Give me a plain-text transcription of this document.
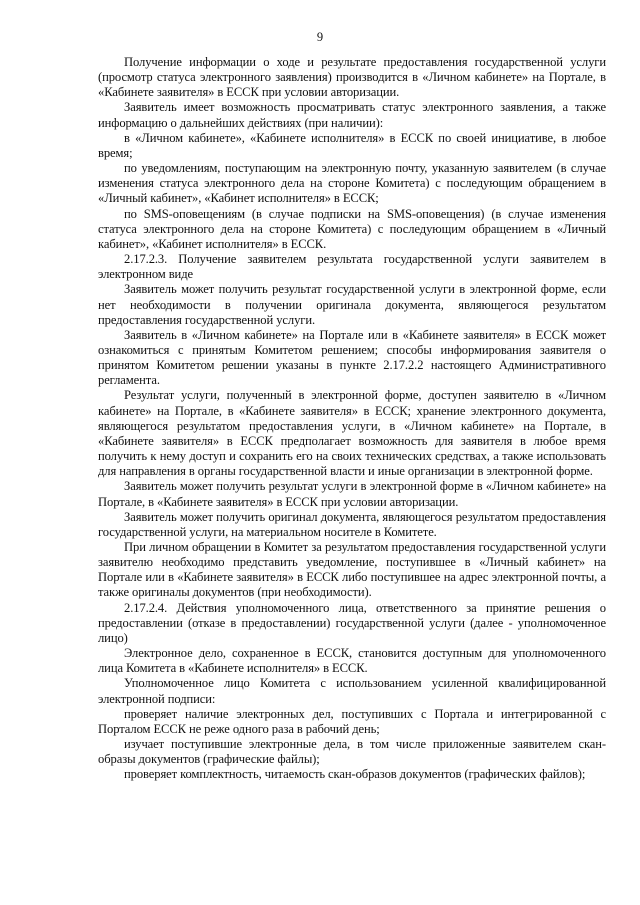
9

Получение информации о ходе и результате предоставления государственной услуги (просмотр статуса электронного заявления) производится в «Личном кабинете» на Портале, в «Кабинете заявителя» в ЕССК при условии авторизации.

Заявитель имеет возможность просматривать статус электронного заявления, а также информацию о дальнейших действиях (при наличии):

в «Личном кабинете», «Кабинете исполнителя» в ЕССК по своей инициативе, в любое время;

по уведомлениям, поступающим на электронную почту, указанную заявителем (в случае изменения статуса электронного дела на стороне Комитета) с последующим обращением в «Личный кабинет», «Кабинет исполнителя» в ЕССК;

по SMS-оповещениям (в случае подписки на SMS-оповещения) (в случае изменения статуса электронного дела на стороне Комитета) с последующим обращением в «Личный кабинет», «Кабинет исполнителя» в ЕССК.

2.17.2.3. Получение заявителем результата государственной услуги заявителем в электронном виде

Заявитель может получить результат государственной услуги в электронной форме, если нет необходимости в получении оригинала документа, являющегося результатом предоставления государственной услуги.

Заявитель в «Личном кабинете» на Портале или в «Кабинете заявителя» в ЕССК может ознакомиться с принятым Комитетом решением; способы информирования заявителя о принятом Комитетом решении указаны в пункте 2.17.2.2 настоящего Административного регламента.

Результат услуги, полученный в электронной форме, доступен заявителю в «Личном кабинете» на Портале, в «Кабинете заявителя» в ЕССК; хранение электронного документа, являющегося результатом предоставления услуги, в «Личном кабинете» на Портале, в «Кабинете заявителя» в ЕССК предполагает возможность для заявителя в любое время получить к нему доступ и сохранить его на своих технических средствах, а также использовать для направления в органы государственной власти и иные организации в электронной форме.

Заявитель может получить результат услуги в электронной форме в «Личном кабинете» на Портале, в «Кабинете заявителя» в ЕССК при условии авторизации.

Заявитель может получить оригинал документа, являющегося результатом предоставления государственной услуги, на материальном носителе в Комитете.

При личном обращении в Комитет за результатом предоставления государственной услуги заявителю необходимо представить уведомление, поступившее в «Личный кабинет» на Портале или в «Кабинете заявителя» в ЕССК либо поступившее на адрес электронной почты, а также оригиналы документов (при необходимости).

2.17.2.4. Действия уполномоченного лица, ответственного за принятие решения о предоставлении (отказе в предоставлении) государственной услуги (далее - уполномоченное лицо)

Электронное дело, сохраненное в ЕССК, становится доступным для уполномоченного лица Комитета в «Кабинете исполнителя» в ЕССК.

Уполномоченное лицо Комитета с использованием усиленной квалифицированной электронной подписи:

проверяет наличие электронных дел, поступивших с Портала и интегрированной с Порталом ЕССК не реже одного раза в рабочий день;

изучает поступившие электронные дела, в том числе приложенные заявителем скан-образы документов (графические файлы);

проверяет комплектность, читаемость скан-образов документов (графических файлов);
